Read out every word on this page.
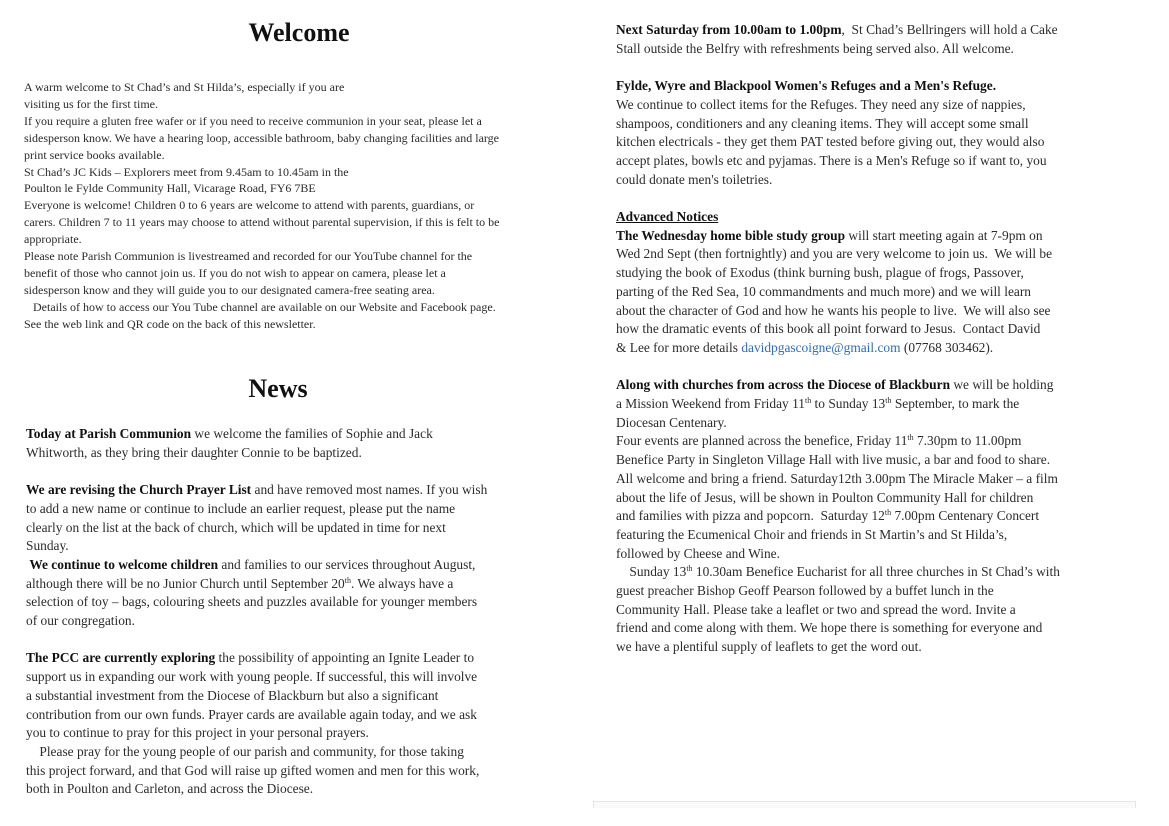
Welcome
A warm welcome to St Chad’s and St Hilda’s, especially if you are
visiting us for the first time.
If you require a gluten free wafer or if you need to receive communion in your seat, please let a
sidesperson know. We have a hearing loop, accessible bathroom, baby changing facilities and large
print service books available.
St Chad’s JC Kids – Explorers meet from 9.45am to 10.45am in the
Poulton le Fylde Community Hall, Vicarage Road, FY6 7BE
Everyone is welcome! Children 0 to 6 years are welcome to attend with parents, guardians, or
carers. Children 7 to 11 years may choose to attend without parental supervision, if this is felt to be
appropriate.
Please note Parish Communion is livestreamed and recorded for our YouTube channel for the
benefit of those who cannot join us. If you do not wish to appear on camera, please let a
sidesperson know and they will guide you to our designated camera-free seating area.
Details of how to access our You Tube channel are available on our Website and Facebook page.
See the web link and QR code on the back of this newsletter.
News
Today at Parish Communion we welcome the families of Sophie and Jack
Whitworth, as they bring their daughter Connie to be baptized.
We are revising the Church Prayer List and have removed most names. If you wish
to add a new name or continue to include an earlier request, please put the name
clearly on the list at the back of church, which will be updated in time for next
Sunday.
We continue to welcome children and families to our services throughout August,
although there will be no Junior Church until September 20th. We always have a
selection of toy – bags, colouring sheets and puzzles available for younger members
of our congregation.
The PCC are currently exploring the possibility of appointing an Ignite Leader to
support us in expanding our work with young people. If successful, this will involve
a substantial investment from the Diocese of Blackburn but also a significant
contribution from our own funds. Prayer cards are available again today, and we ask
you to continue to pray for this project in your personal prayers.
Please pray for the young people of our parish and community, for those taking
this project forward, and that God will raise up gifted women and men for this work,
both in Poulton and Carleton, and across the Diocese.
Next Saturday from 10.00am to 1.00pm,  St Chad’s Bellringers will hold a Cake
Stall outside the Belfry with refreshments being served also. All welcome.
Fylde, Wyre and Blackpool Women's Refuges and a Men's Refuge.
We continue to collect items for the Refuges. They need any size of nappies,
shampoos, conditioners and any cleaning items. They will accept some small
kitchen electricals - they get them PAT tested before giving out, they would also
accept plates, bowls etc and pyjamas. There is a Men's Refuge so if want to, you
could donate men's toiletries.
Advanced Notices
The Wednesday home bible study group will start meeting again at 7-9pm on
Wed 2nd Sept (then fortnightly) and you are very welcome to join us.  We will be
studying the book of Exodus (think burning bush, plague of frogs, Passover,
parting of the Red Sea, 10 commandments and much more) and we will learn
about the character of God and how he wants his people to live.  We will also see
how the dramatic events of this book all point forward to Jesus.  Contact David
& Lee for more details davidpgascoigne@gmail.com (07768 303462).
Along with churches from across the Diocese of Blackburn we will be holding
a Mission Weekend from Friday 11th to Sunday 13th September, to mark the
Diocesan Centenary.
Four events are planned across the benefice, Friday 11th 7.30pm to 11.00pm
Benefice Party in Singleton Village Hall with live music, a bar and food to share.
All welcome and bring a friend. Saturday12th 3.00pm The Miracle Maker – a film
about the life of Jesus, will be shown in Poulton Community Hall for children
and families with pizza and popcorn.  Saturday 12th 7.00pm Centenary Concert
featuring the Ecumenical Choir and friends in St Martin’s and St Hilda’s,
followed by Cheese and Wine.
Sunday 13th 10.30am Benefice Eucharist for all three churches in St Chad’s with
guest preacher Bishop Geoff Pearson followed by a buffet lunch in the
Community Hall. Please take a leaflet or two and spread the word. Invite a
friend and come along with them. We hope there is something for everyone and
we have a plentiful supply of leaflets to get the word out.
